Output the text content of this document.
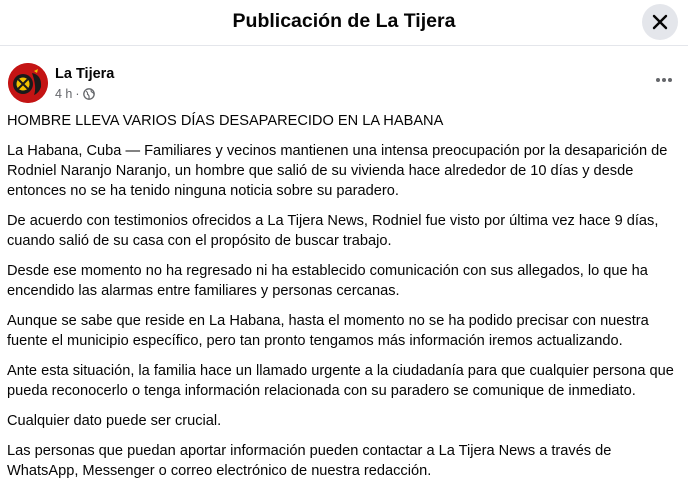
Publicación de La Tijera
La Tijera
4 h ·

HOMBRE LLEVA VARIOS DÍAS DESAPARECIDO EN LA HABANA

La Habana, Cuba — Familiares y vecinos mantienen una intensa preocupación por la desaparición de Rodniel Naranjo Naranjo, un hombre que salió de su vivienda hace alrededor de 10 días y desde entonces no se ha tenido ninguna noticia sobre su paradero.

De acuerdo con testimonios ofrecidos a La Tijera News, Rodniel fue visto por última vez hace 9 días, cuando salió de su casa con el propósito de buscar trabajo.

Desde ese momento no ha regresado ni ha establecido comunicación con sus allegados, lo que ha encendido las alarmas entre familiares y personas cercanas.

Aunque se sabe que reside en La Habana, hasta el momento no se ha podido precisar con nuestra fuente el municipio específico, pero tan pronto tengamos más información iremos actualizando.

Ante esta situación, la familia hace un llamado urgente a la ciudadanía para que cualquier persona que pueda reconocerlo o tenga información relacionada con su paradero se comunique de inmediato.

Cualquier dato puede ser crucial.

Las personas que puedan aportar información pueden contactar a La Tijera News a través de WhatsApp, Messenger o correo electrónico de nuestra redacción.
